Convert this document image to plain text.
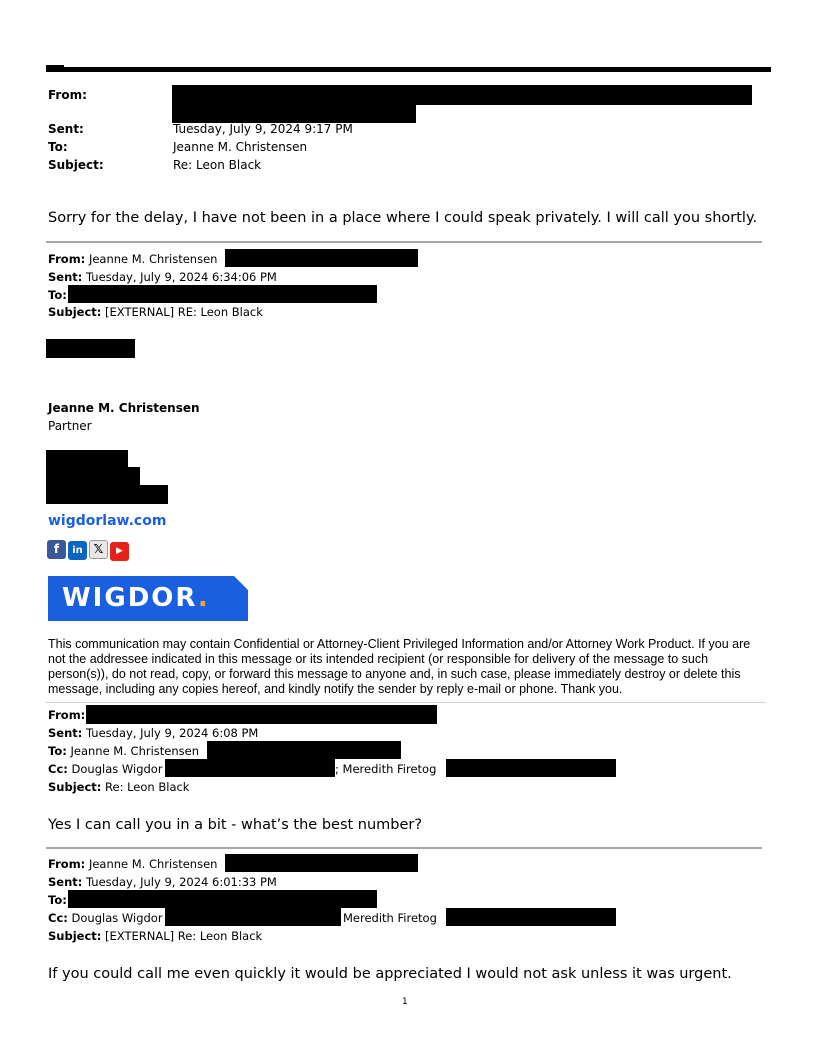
From:
Sent:	Tuesday, July 9, 2024 9:17 PM
To:	Jeanne M. Christensen
Subject:	Re: Leon Black
Sorry for the delay, I have not been in a place where I could speak privately. I will call you shortly.
From: Jeanne M. Christensen
Sent: Tuesday, July 9, 2024 6:34:06 PM
To:
Subject: [EXTERNAL] RE: Leon Black
Jeanne M. Christensen
Partner
wigdorlaw.com
f in 𝕏 ▶
WIGDOR.
This communication may contain Confidential or Attorney-Client Privileged Information and/or Attorney Work Product. If you are not the addressee indicated in this message or its intended recipient (or responsible for delivery of the message to such person(s)), do not read, copy, or forward this message to anyone and, in such case, please immediately destroy or delete this message, including any copies hereof, and kindly notify the sender by reply e-mail or phone. Thank you.
From:
Sent: Tuesday, July 9, 2024 6:08 PM
To: Jeanne M. Christensen
Cc: Douglas Wigdor	; Meredith Firetog
Subject: Re: Leon Black
Yes I can call you in a bit - what’s the best number?
From: Jeanne M. Christensen
Sent: Tuesday, July 9, 2024 6:01:33 PM
To:
Cc: Douglas Wigdor	Meredith Firetog
Subject: [EXTERNAL] Re: Leon Black
If you could call me even quickly it would be appreciated I would not ask unless it was urgent.
1
